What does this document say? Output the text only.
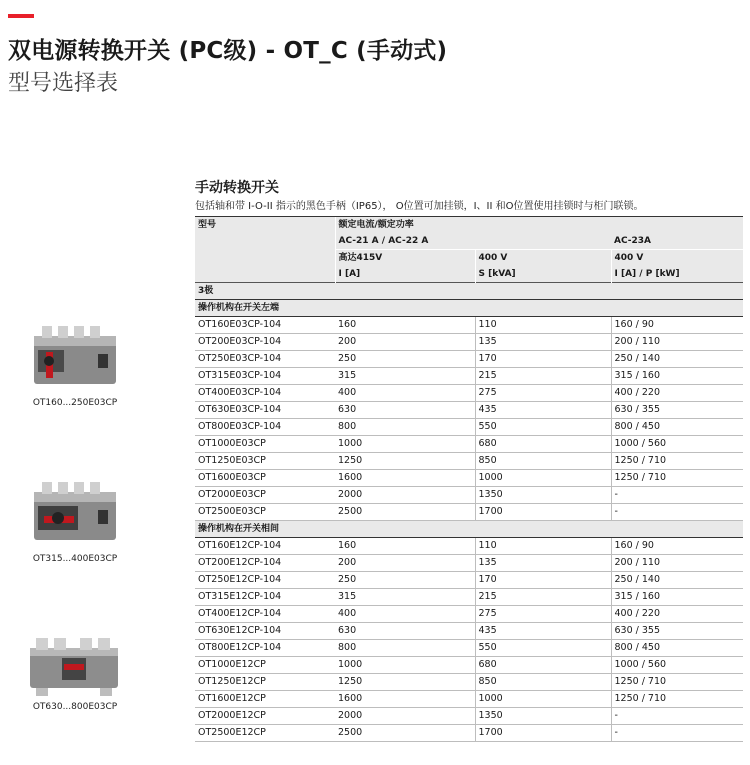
双电源转换开关 (PC级) - OT_C (手动式)
型号选择表
OT160...250E03CP
OT315...400E03CP
OT630...800E03CP
手动转换开关
包括轴和带 I-O-II 指示的黑色手柄（IP65）， O位置可加挂锁，I、II 和O位置使用挂锁时与柜门联锁。
型号	额定电流/额定功率		
	AC-21 A / AC-22 A		AC-23A
	高达415V	400 V	400 V
	I [A]	S [kVA]	I [A] / P [kW]
3极			
操作机构在开关左端			
OT160E03CP-104	160	110	160 / 90
OT200E03CP-104	200	135	200 / 110
OT250E03CP-104	250	170	250 / 140
OT315E03CP-104	315	215	315 / 160
OT400E03CP-104	400	275	400 / 220
OT630E03CP-104	630	435	630 / 355
OT800E03CP-104	800	550	800 / 450
OT1000E03CP	1000	680	1000 / 560
OT1250E03CP	1250	850	1250 / 710
OT1600E03CP	1600	1000	1250 / 710
OT2000E03CP	2000	1350	-
OT2500E03CP	2500	1700	-
操作机构在开关相间			
OT160E12CP-104	160	110	160 / 90
OT200E12CP-104	200	135	200 / 110
OT250E12CP-104	250	170	250 / 140
OT315E12CP-104	315	215	315 / 160
OT400E12CP-104	400	275	400 / 220
OT630E12CP-104	630	435	630 / 355
OT800E12CP-104	800	550	800 / 450
OT1000E12CP	1000	680	1000 / 560
OT1250E12CP	1250	850	1250 / 710
OT1600E12CP	1600	1000	1250 / 710
OT2000E12CP	2000	1350	-
OT2500E12CP	2500	1700	-
